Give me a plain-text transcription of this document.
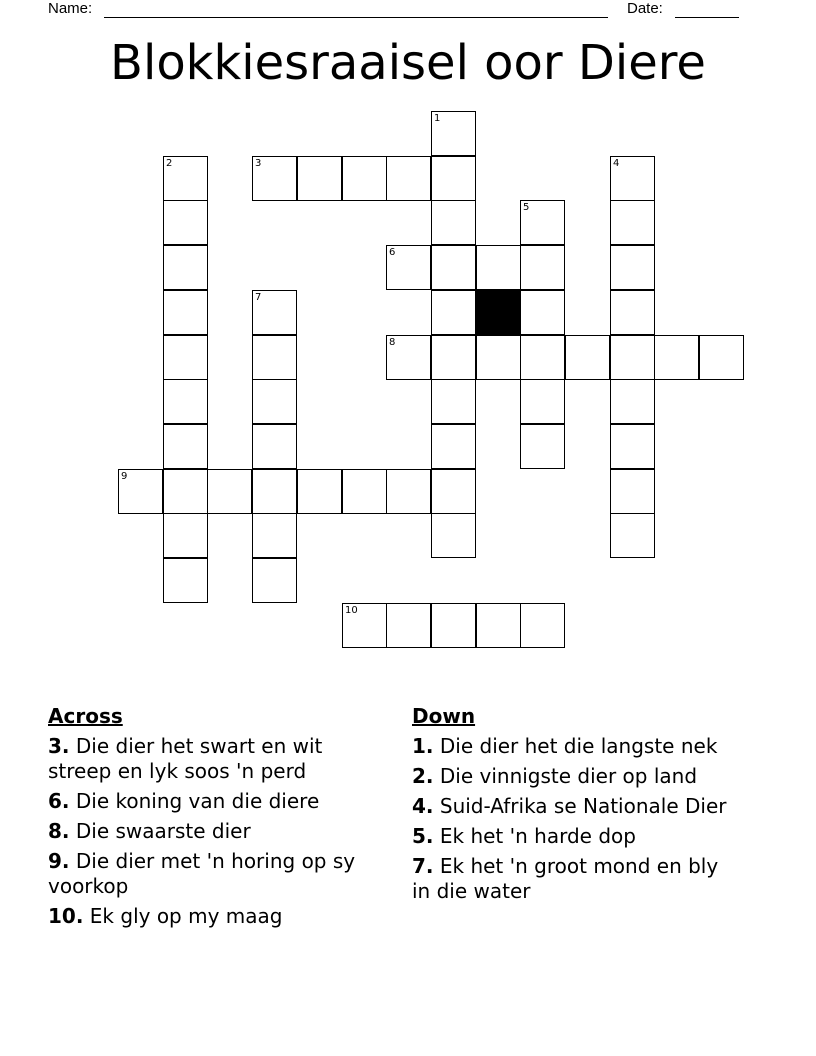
Name:	Date:
Blokkiesraaisel oor Diere
1
2	4
5
7
3
6
8
9
10
Across
3. Die dier het swart en wit streep en lyk soos 'n perd
6. Die koning van die diere
8. Die swaarste dier
9. Die dier met 'n horing op sy voorkop
10. Ek gly op my maag
Down
1. Die dier het die langste nek
2. Die vinnigste dier op land
4. Suid-Afrika se Nationale Dier
5. Ek het 'n harde dop
7. Ek het 'n groot mond en bly in die water
